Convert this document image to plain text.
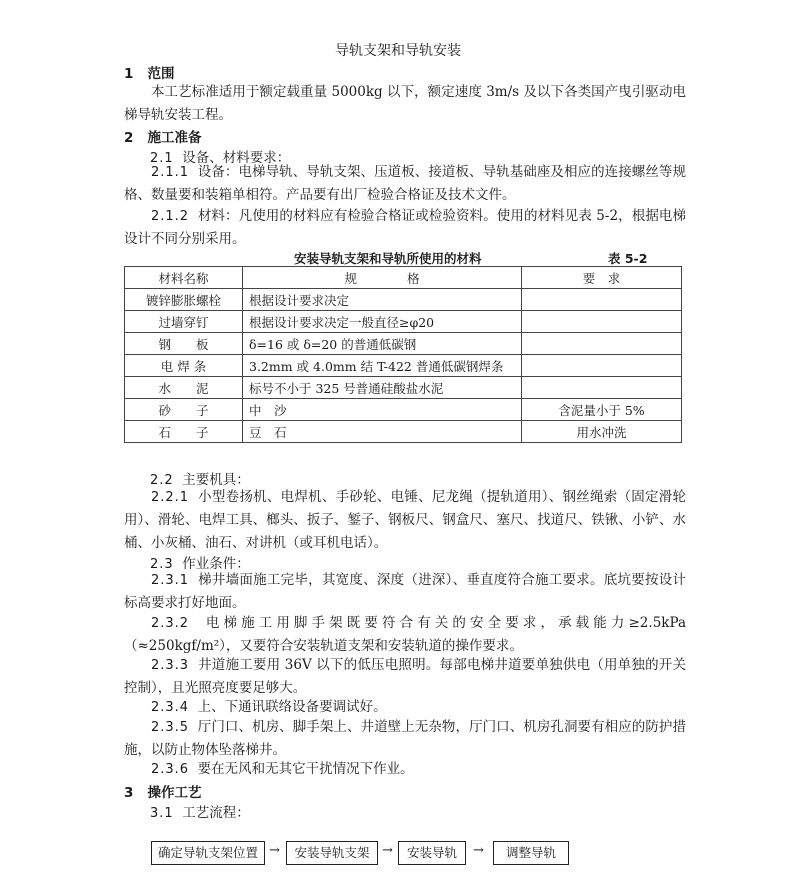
导轨支架和导轨安装
1 范围
本工艺标准适用于额定载重量 5000kg 以下，额定速度 3m/s 及以下各类国产曳引驱动电梯导轨安装工程。
2 施工准备
2.1 设备、材料要求：
2.1.1 设备：电梯导轨、导轨支架、压道板、接道板、导轨基础座及相应的连接螺丝等规格、数量要和装箱单相符。产品要有出厂检验合格证及技术文件。
2.1.2 材料：凡使用的材料应有检验合格证或检验资料。使用的材料见表 5-2，根据电梯设计不同分别采用。
安装导轨支架和导轨所使用的材料	表 5-2
材料名称	规　　　　格	要　求
镀锌膨胀螺栓	根据设计要求决定	
过墙穿钉	根据设计要求决定一般直径≥φ20	
钢　　板	δ=16 或 δ=20 的普通低碳钢	
电 焊 条	3.2mm 或 4.0mm 结 T-422 普通低碳钢焊条	
水　　泥	标号不小于 325 号普通硅酸盐水泥	
砂　　子	中　沙	含泥量小于 5%
石　　子	豆　石	用水冲洗
2.2 主要机具：
2.2.1 小型卷扬机、电焊机、手砂轮、电锤、尼龙绳（提轨道用）、钢丝绳索（固定滑轮用）、滑轮、电焊工具、榔头、扳子、錾子、钢板尺、钢盒尺、塞尺、找道尺、铁锹、小铲、水桶、小灰桶、油石、对讲机（或耳机电话）。
2.3 作业条件：
2.3.1 梯井墙面施工完毕，其宽度、深度（进深）、垂直度符合施工要求。底坑要按设计标高要求打好地面。
2.3.2 电梯施工用脚手架既要符合有关的安全要求，承载能力≥2.5kPa（≈250kgf/m²），又要符合安装轨道支架和安装轨道的操作要求。
2.3.3 井道施工要用 36V 以下的低压电照明。每部电梯井道要单独供电（用单独的开关控制），且光照亮度要足够大。
2.3.4 上、下通讯联络设备要调试好。
2.3.5 厅门口、机房、脚手架上、井道壁上无杂物，厅门口、机房孔洞要有相应的防护措施，以防止物体坠落梯井。
2.3.6 要在无风和无其它干扰情况下作业。
3 操作工艺
3.1 工艺流程：
确定导轨支架位置 →	安装导轨支架 →	安装导轨	→	调整导轨
